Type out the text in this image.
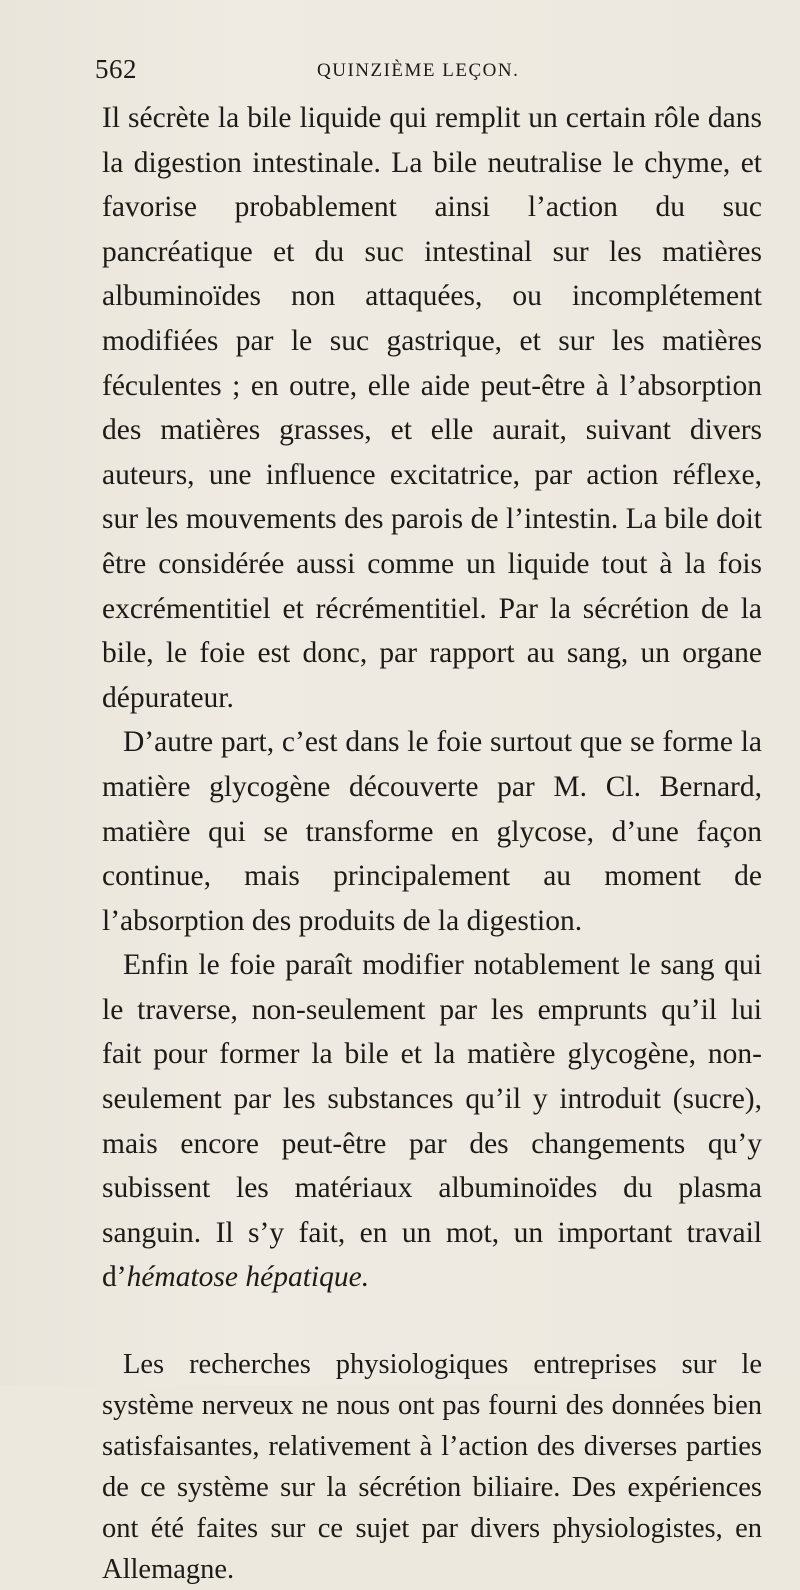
562	QUINZIÈME LEÇON.

Il sécrète la bile liquide qui remplit un certain rôle dans la digestion intestinale. La bile neutralise le chyme, et favorise probablement ainsi l’action du suc pancréatique et du suc intestinal sur les matières albuminoïdes non attaquées, ou incomplétement modifiées par le suc gastrique, et sur les matières féculentes ; en outre, elle aide peut-être à l’absorption des matières grasses, et elle aurait, suivant divers auteurs, une influence excitatrice, par action réflexe, sur les mouvements des parois de l’intestin. La bile doit être considérée aussi comme un liquide tout à la fois excrémentitiel et récrémentitiel. Par la sécrétion de la bile, le foie est donc, par rapport au sang, un organe dépurateur.

D’autre part, c’est dans le foie surtout que se forme la matière glycogène découverte par M. Cl. Bernard, matière qui se transforme en glycose, d’une façon continue, mais principalement au moment de l’absorption des produits de la digestion.

Enfin le foie paraît modifier notablement le sang qui le traverse, non-seulement par les emprunts qu’il lui fait pour former la bile et la matière glycogène, non-seulement par les substances qu’il y introduit (sucre), mais encore peut-être par des changements qu’y subissent les matériaux albuminoïdes du plasma sanguin. Il s’y fait, en un mot, un important travail d’hématose hépatique.

Les recherches physiologiques entreprises sur le système nerveux ne nous ont pas fourni des données bien satisfaisantes, relativement à l’action des diverses parties de ce système sur la sécrétion biliaire. Des expériences ont été faites sur ce sujet par divers physiologistes, en Allemagne.
